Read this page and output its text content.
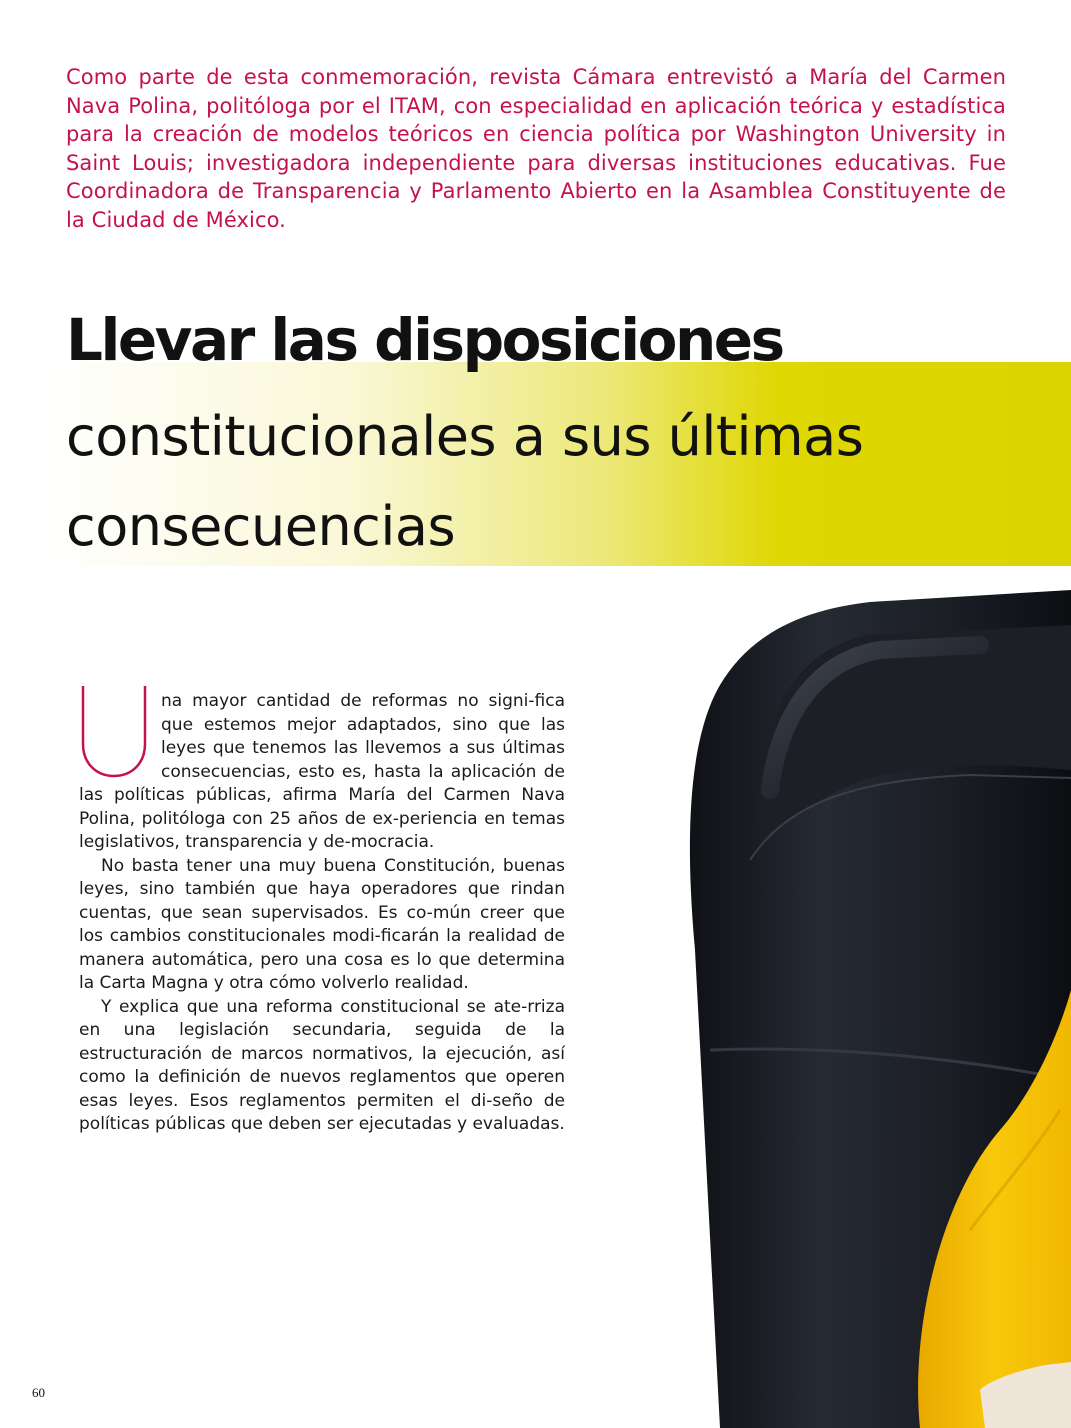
Como parte de esta conmemoración, revista Cámara entrevistó a María del Carmen Nava Polina, politóloga por el ITAM, con especialidad en aplicación teórica y estadística para la creación de modelos teóricos en ciencia política por Washington University in Saint Louis; investigadora independiente para diversas instituciones educativas. Fue Coordinadora de Transparencia y Parlamento Abierto en la Asamblea Constituyente de la Ciudad de México.

Llevar las disposiciones
constitucionales a sus últimas
consecuencias

na mayor cantidad de reformas no signi-fica que estemos mejor adaptados, sino que las leyes que tenemos las llevemos a sus últimas consecuencias, esto es, hasta la aplicación de las políticas públicas, afirma María del Carmen Nava Polina, politóloga con 25 años de ex-periencia en temas legislativos, transparencia y de-mocracia.

No basta tener una muy buena Constitución, buenas leyes, sino también que haya operadores que rindan cuentas, que sean supervisados. Es co-mún creer que los cambios constitucionales modi-ficarán la realidad de manera automática, pero una cosa es lo que determina la Carta Magna y otra cómo volverlo realidad.

Y explica que una reforma constitucional se ate-rriza en una legislación secundaria, seguida de la estructuración de marcos normativos, la ejecución, así como la definición de nuevos reglamentos que operen esas leyes. Esos reglamentos permiten el di-seño de políticas públicas que deben ser ejecutadas y evaluadas.

60
